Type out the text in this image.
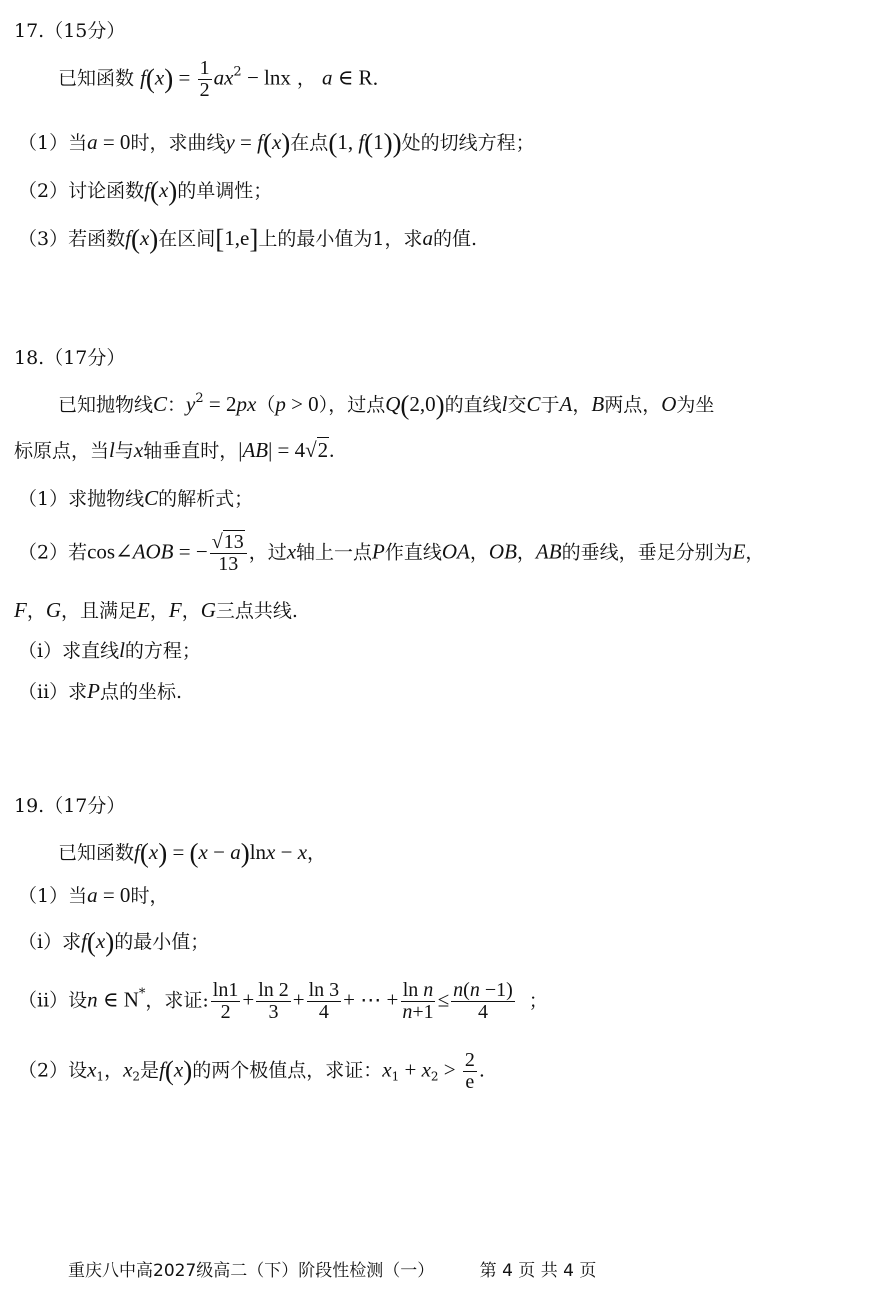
17.（15分）
已知函数 $f(x) = \frac{1}{2} ax^2 - \ln x$ ， a ∈ R．
（1）当a = 0时，求曲线y = f(x)在点(1, f(1))处的切线方程；
（2）讨论函数f(x)的单调性；
（3）若函数f(x)在区间[1,e]上的最小值为1，求a的值.
18.（17分）
已知抛物线C：$y^2 = 2px(p > 0)$，过点Q(2,0)的直线l交C于A，B两点，O为坐
标原点，当l与x轴垂直时，|AB| = 4√2.
（1）求抛物线C的解析式；
（2）若cos∠AOB = − $\frac{√13}{13}$ ，过x轴上一点P作直线OA，OB，AB的垂线，垂足分别为E，
F，G，且满足E，F，G三点共线.
（i）求直线l的方程；
（ii）求P点的坐标.
19.（17分）
已知函数f(x) = (x − a)lnx − x，
（1）当a = 0时，
（i）求f(x)的最小值；
（ii）设n ∈ N*，求证: $\frac{\ln 1}{2} + \frac{\ln 2}{3} + \frac{\ln 3}{4}$ + ⋯ + $\frac{\text{ln n}}{n+1} \le \frac{n(n -1)}{4}$ ；
（2）设$x_1$，$x_2$是f(x)的两个极值点，求证：$x_1 + x_2 > \frac{2}{e}$ .
重庆八中高2027级高二（下）阶段性检测（一）	第 4 页 共 4 页
